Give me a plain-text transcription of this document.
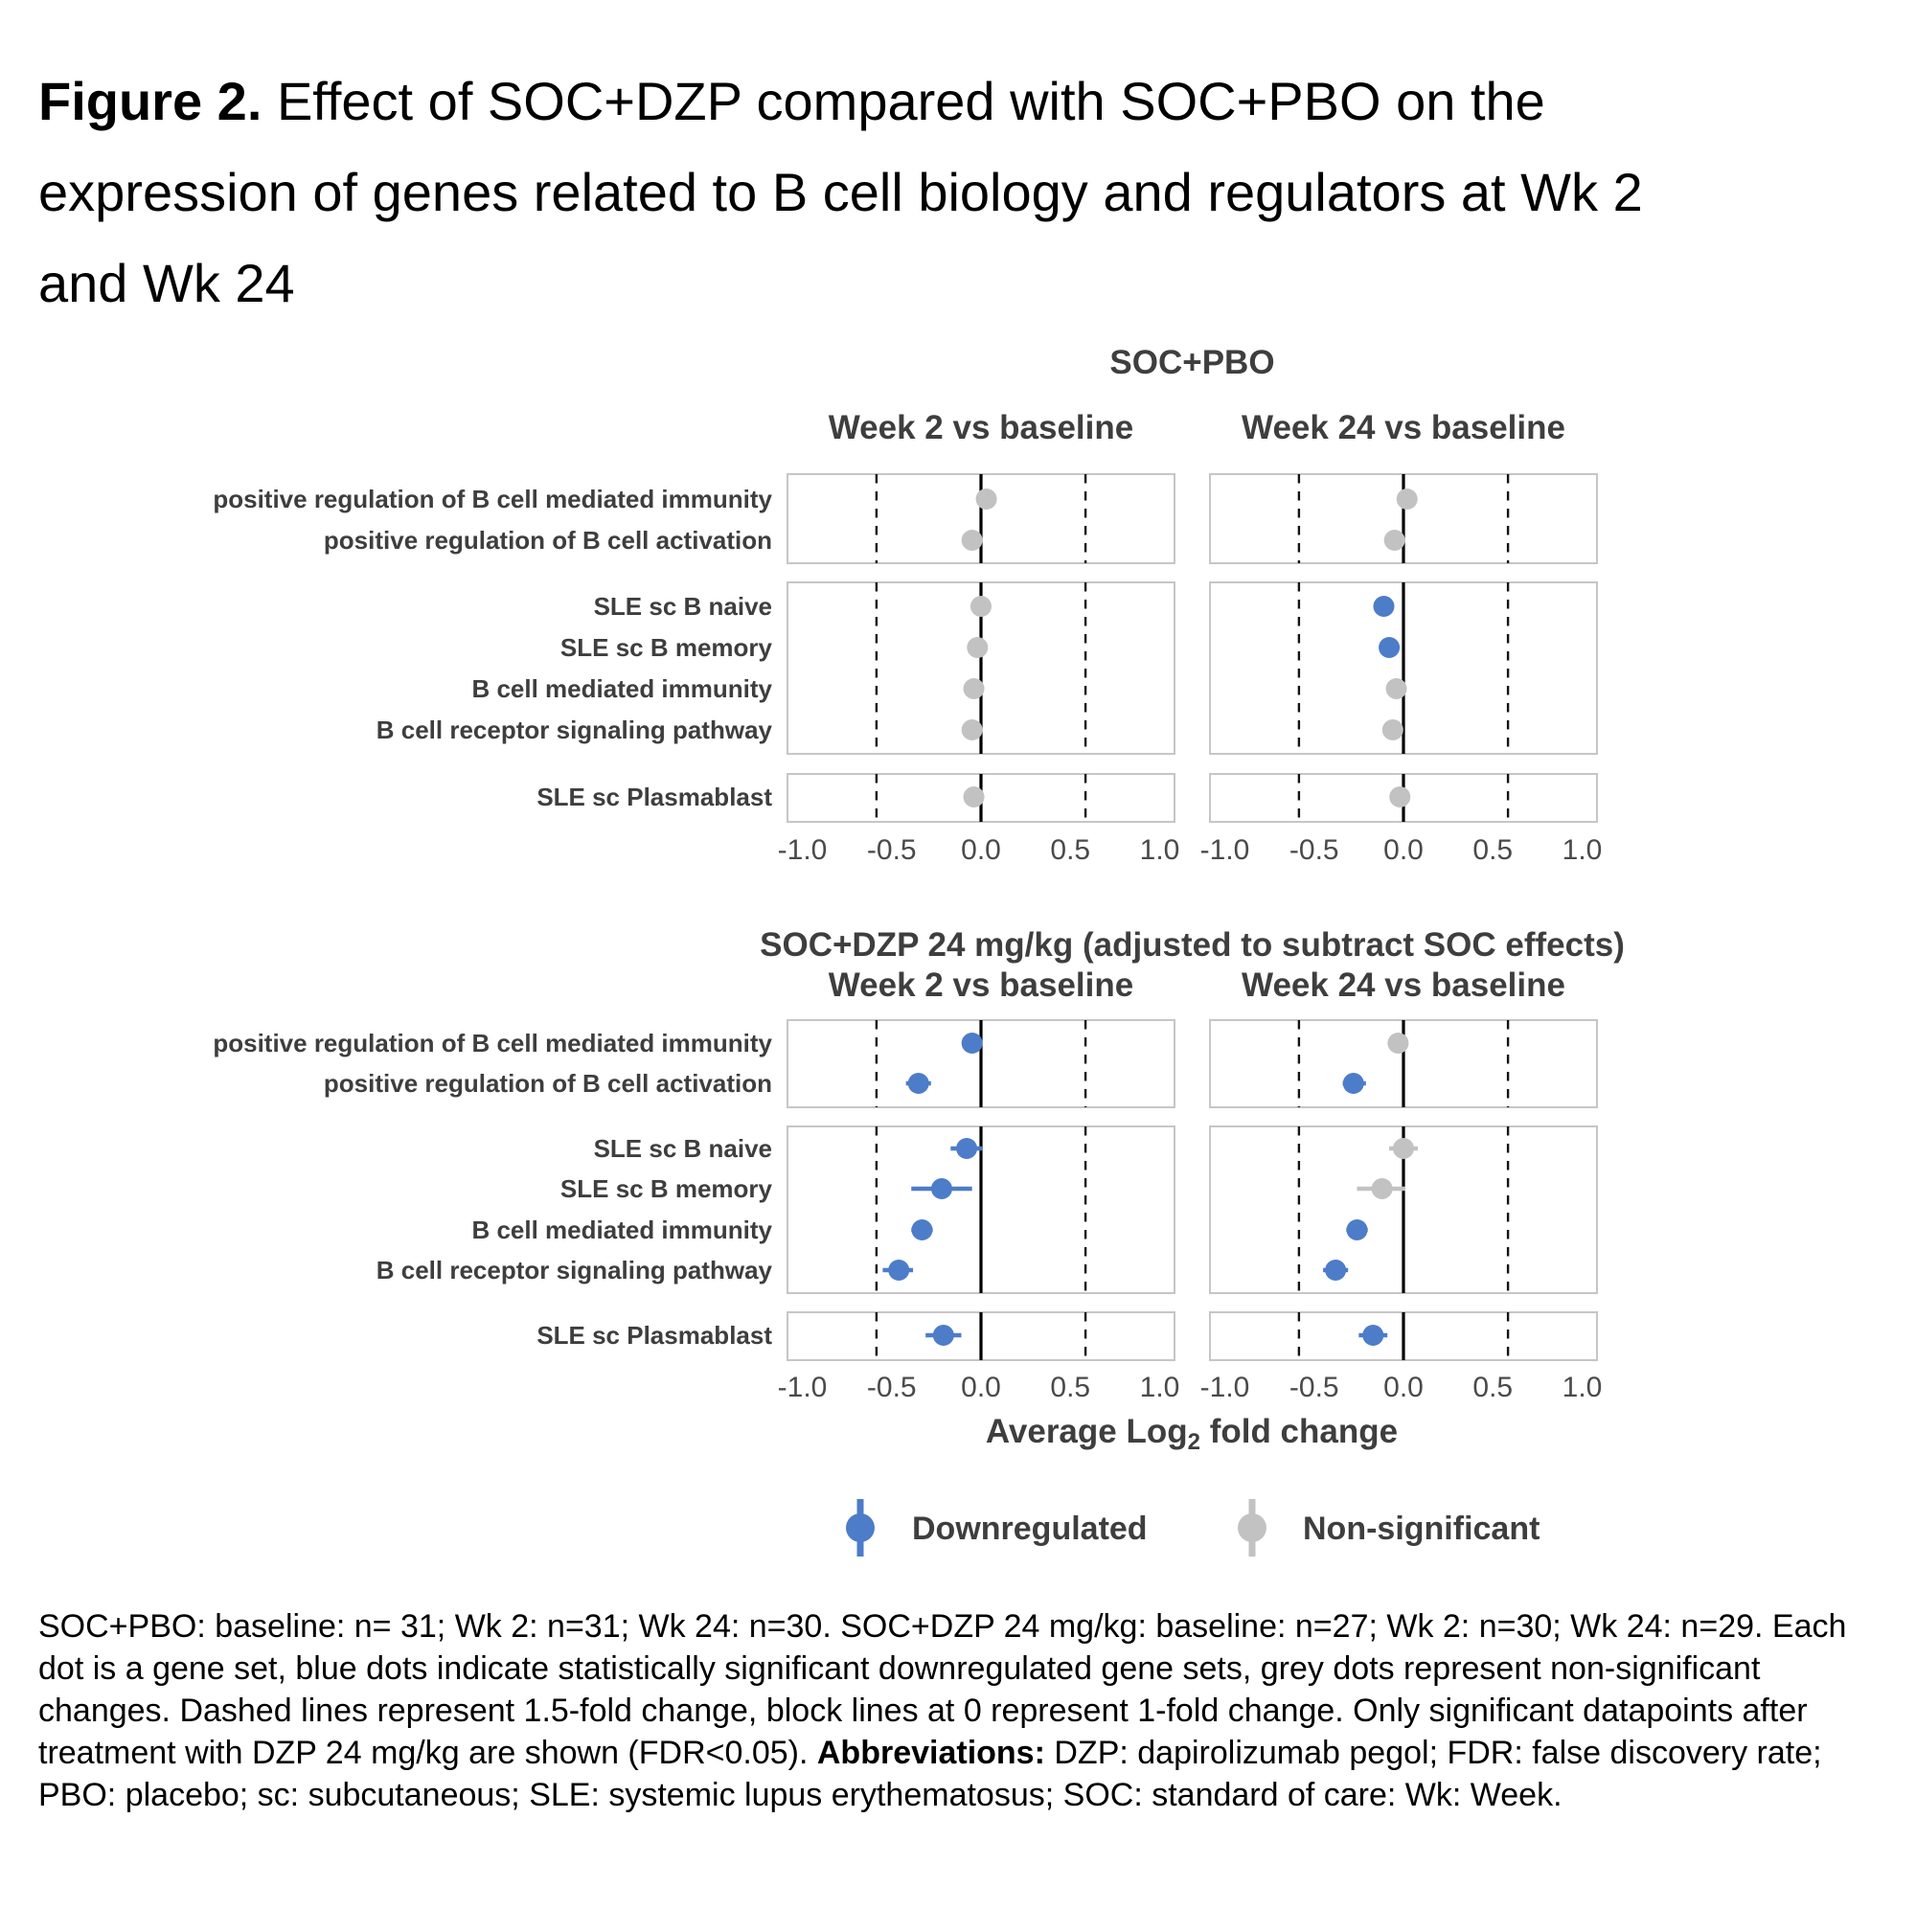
Figure 2. Effect of SOC+DZP compared with SOC+PBO on the
expression of genes related to B cell biology and regulators at Wk 2
and Wk 24
SOC+PBO
Week 2 vs baseline
-1.0 -0.5 0.0 0.5 1.0
Week 24 vs baseline
-1.0 -0.5 0.0 0.5 1.0
positive regulation of B cell mediated immunity
positive regulation of B cell activation
SLE sc B naive
SLE sc B memory
B cell mediated immunity
B cell receptor signaling pathway
SLE sc Plasmablast
SOC+DZP 24 mg/kg (adjusted to subtract SOC effects)
Week 2 vs baseline
-1.0 -0.5 0.0 0.5 1.0
Week 24 vs baseline
-1.0 -0.5 0.0 0.5 1.0
positive regulation of B cell mediated immunity
positive regulation of B cell activation
SLE sc B naive
SLE sc B memory
B cell mediated immunity
B cell receptor signaling pathway
SLE sc Plasmablast
Average Log$_2$ fold change
Downregulated	Non-significant
SOC+PBO: baseline: n= 31; Wk 2: n=31; Wk 24: n=30. SOC+DZP 24 mg/kg: baseline: n=27; Wk 2: n=30; Wk 24: n=29. Each dot is a gene set, blue dots indicate statistically significant downregulated gene sets, grey dots represent non-significant changes. Dashed lines represent 1.5-fold change, block lines at 0 represent 1-fold change. Only significant datapoints after treatment with DZP 24 mg/kg are shown (FDR<0.05). Abbreviations: DZP: dapirolizumab pegol; FDR: false discovery rate; PBO: placebo; sc: subcutaneous; SLE: systemic lupus erythematosus; SOC: standard of care: Wk: Week.
